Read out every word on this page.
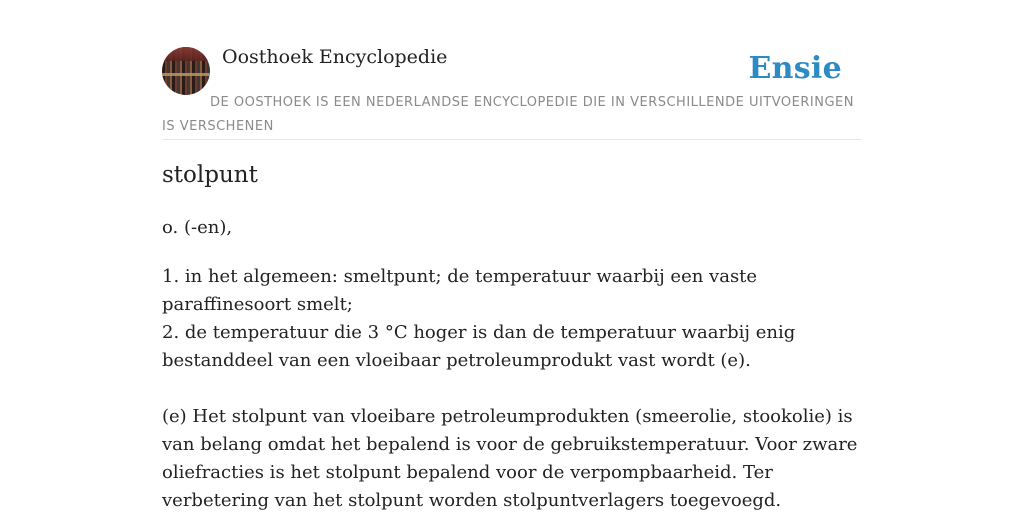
Oosthoek Encyclopedie	Ensie
DE OOSTHOEK IS EEN NEDERLANDSE ENCYCLOPEDIE DIE IN VERSCHILLENDE UITVOERINGEN IS VERSCHENEN
stolpunt
o. (-en),

1. in het algemeen: smeltpunt; de temperatuur waarbij een vaste paraffinesoort smelt;

2. de temperatuur die 3 °C hoger is dan de temperatuur waarbij enig bestanddeel van een vloeibaar petroleumprodukt vast wordt (e).

(e) Het stolpunt van vloeibare petroleumprodukten (smeerolie, stookolie) is van belang omdat het bepalend is voor de gebruikstemperatuur. Voor zware oliefracties is het stolpunt bepalend voor de verpompbaarheid. Ter verbetering van het stolpunt worden stolpuntverlagers toegevoegd.
